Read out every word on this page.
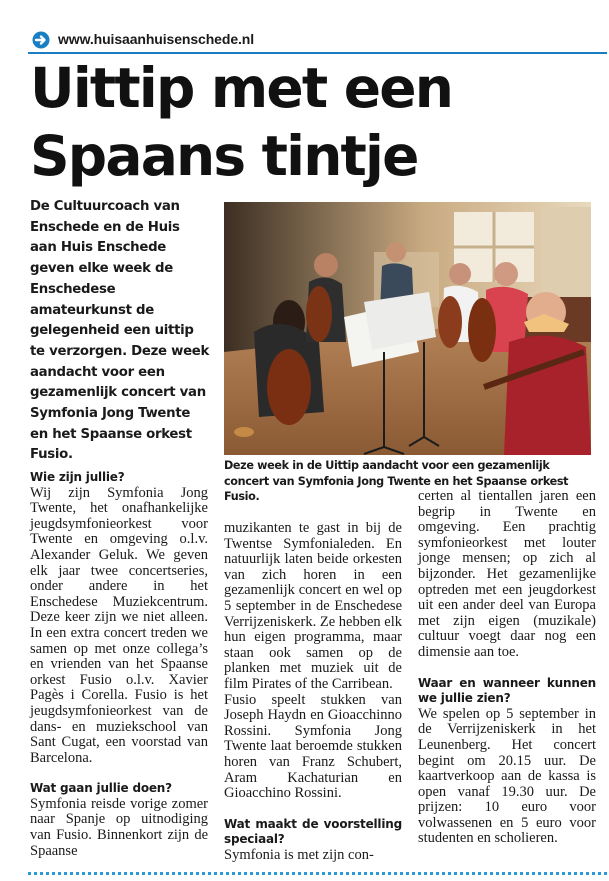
www.huisaanhuisenschede.nl
Uittip met een
Spaans tintje
De Cultuurcoach van Enschede en de Huis aan Huis Enschede geven elke week de Enschedese amateurkunst de gelegenheid een uittip te verzorgen. Deze week aandacht voor een gezamenlijk concert van Symfonia Jong Twente en het Spaanse orkest Fusio.
Deze week in de Uittip aandacht voor een gezamenlijk concert van Symfonia Jong Twente en het Spaanse orkest Fusio.
Wie zijn jullie?

Wij zijn Symfonia Jong Twente, het onafhankelijke jeugdsymfonieorkest voor Twente en omgeving o.l.v. Alexander Geluk. We geven elk jaar twee concertseries, onder andere in het Enschedese Muziekcentrum. Deze keer zijn we niet alleen. In een extra concert treden we samen op met onze collega’s en vrienden van het Spaanse orkest Fusio o.l.v. Xavier Pagès i Corella. Fusio is het jeugdsymfonieorkest van de dans- en muziekschool van Sant Cugat, een voorstad van Barcelona.

Wat gaan jullie doen?

Symfonia reisde vorige zomer naar Spanje op uitnodiging van Fusio. Binnenkort zijn de Spaanse

muzikanten te gast in bij de Twentse Symfonialeden. En natuurlijk laten beide orkesten van zich horen in een gezamenlijk concert en wel op 5 september in de Enschedese Verrijzeniskerk. Ze hebben elk hun eigen programma, maar staan ook samen op de planken met muziek uit de film Pirates of the Carribean.

Fusio speelt stukken van Joseph Haydn en Gioacchinno Rossini. Symfonia Jong Twente laat beroemde stukken horen van Franz Schubert, Aram Kachaturian en Gioacchino Rossini.

Wat maakt de voorstelling speciaal?

Symfonia is met zijn con-

certen al tientallen jaren een begrip in Twente en omgeving. Een prachtig symfonieorkest met louter jonge mensen; op zich al bijzonder. Het gezamenlijke optreden met een jeugdorkest uit een ander deel van Europa met zijn eigen (muzikale) cultuur voegt daar nog een dimensie aan toe.

Waar en wanneer kunnen we jullie zien?

We spelen op 5 september in de Verrijzeniskerk in het Leunenberg. Het concert begint om 20.15 uur. De kaartverkoop aan de kassa is open vanaf 19.30 uur. De prijzen: 10 euro voor volwassenen en 5 euro voor studenten en scholieren.
